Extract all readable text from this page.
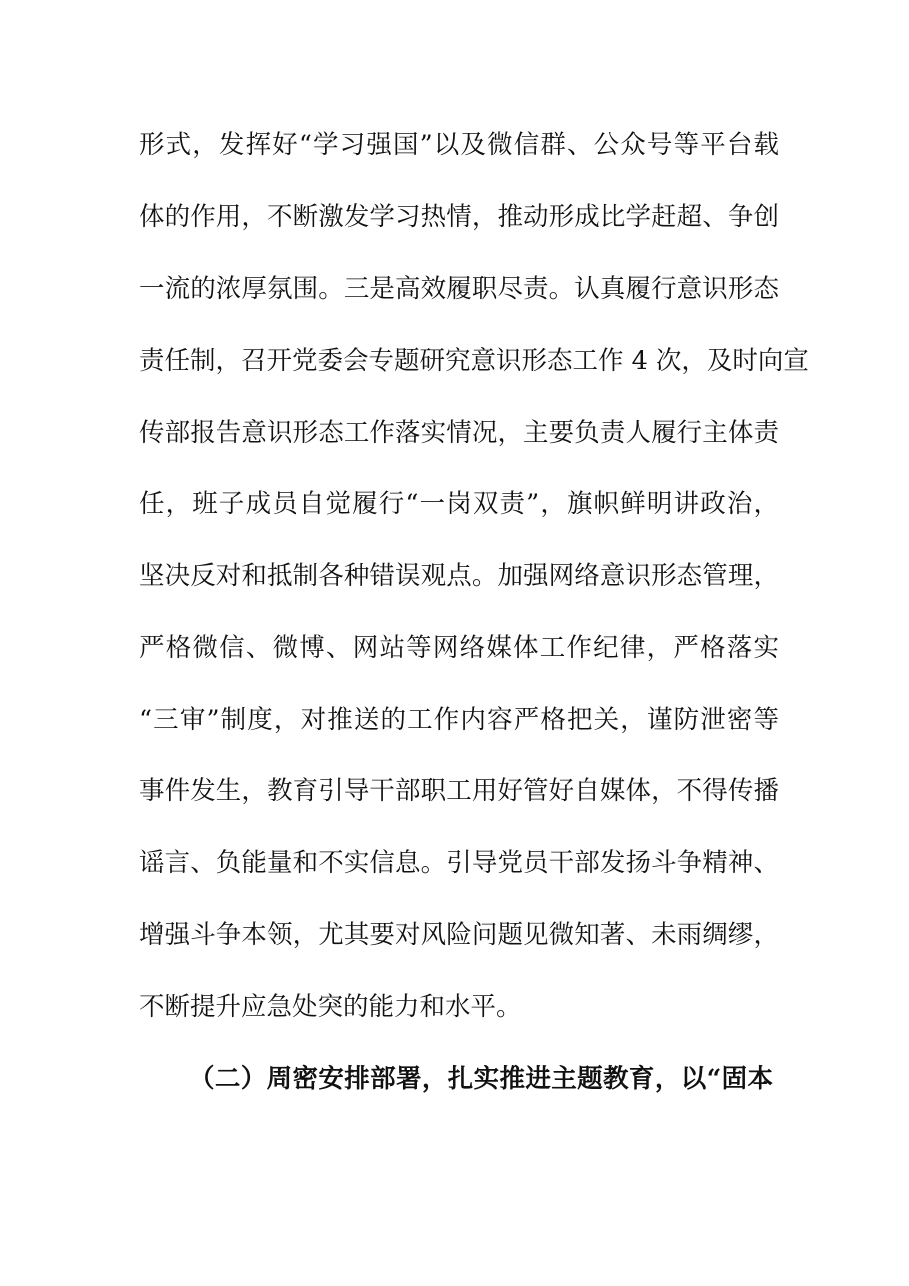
形式，发挥好“学习强国”以及微信群、公众号等平台载
体的作用，不断激发学习热情，推动形成比学赶超、争创
一流的浓厚氛围。三是高效履职尽责。认真履行意识形态
责任制，召开党委会专题研究意识形态工作 4 次，及时向宣
传部报告意识形态工作落实情况，主要负责人履行主体责
任，班子成员自觉履行“一岗双责”，旗帜鲜明讲政治，
坚决反对和抵制各种错误观点。加强网络意识形态管理，
严格微信、微博、网站等网络媒体工作纪律，严格落实
“三审”制度，对推送的工作内容严格把关，谨防泄密等
事件发生，教育引导干部职工用好管好自媒体，不得传播
谣言、负能量和不实信息。引导党员干部发扬斗争精神、
增强斗争本领，尤其要对风险问题见微知著、未雨绸缪，
不断提升应急处突的能力和水平。
（二）周密安排部署，扎实推进主题教育，以“固本
